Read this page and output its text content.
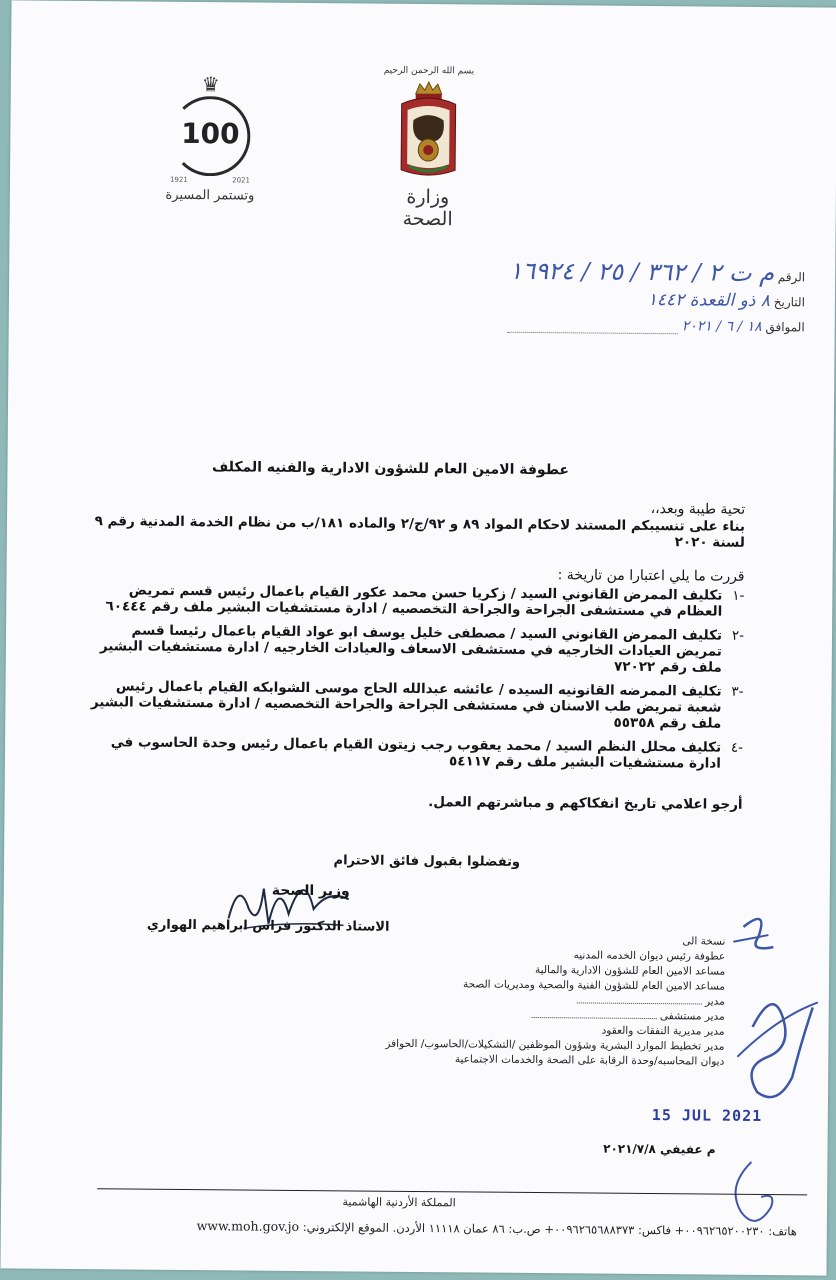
♛
100
1921	2021
وتستمر المسيرة
بسم الله الرحمن الرحيم
وزارة الصحة
الرقم م ت ٢ / ٣٦٢ / ٢٥ / ١٦٩٢٤
التاريخ ٨ ذو القعدة ١٤٤٢
الموافق ١٨ / ٦ / ٢٠٢١
عطوفة الامين العام للشؤون الادارية والفنيه المكلف
تحية طيبة وبعد،،
بناء على تنسيبكم المستند لاحكام المواد ٨٩ و ٩٢/ج/٢ والماده ١٨١/ب من نظام الخدمة المدنية رقم ٩ لسنة ٢٠٢٠
قررت ما يلي اعتبارا من تاريخة :
-١
تكليف الممرض القانوني السيد / زكريا حسن محمد عكور القيام باعمال رئيس قسم تمريض العظام في مستشفى الجراحة والجراحة التخصصيه / ادارة مستشفيات البشير ملف رقم ٦٠٤٤٤
-٢
تكليف الممرض القانوني السيد / مصطفى خليل يوسف ابو عواد القيام باعمال رئيسا قسم تمريض العيادات الخارجيه في مستشفى الاسعاف والعيادات الخارجيه / ادارة مستشفيات البشير ملف رقم ٧٢٠٢٢
-٣
تكليف الممرضه القانونيه السيده / عائشه عبدالله الحاج موسى الشوابكه القيام باعمال رئيس شعبة تمريض طب الاسنان في مستشفى الجراحة والجراحة التخصصيه / ادارة مستشفيات البشير ملف رقم ٥٥٣٥٨
-٤
تكليف محلل النظم السيد / محمد يعقوب رجب زيتون القيام باعمال رئيس وحدة الحاسوب في ادارة مستشفيات البشير ملف رقم ٥٤١١٧
أرجو اعلامي تاريخ انفكاكهم و مباشرتهم العمل.
وتفضلوا بقبول فائق الاحترام
وزير الصحة
الاستاذ الدكتور فراس ابراهيم الهواري
نسخة الى
عطوفة رئيس ديوان الخدمه المدنيه
مساعد الامين العام للشؤون الادارية والمالية
مساعد الامين العام للشؤون الفنية والصحية ومديريات الصحة
مدير
مدير مستشفى
مدير مديرية النفقات والعقود
مدير تخطيط الموارد البشرية وشؤون الموظفين /التشكيلات/الحاسوب/ الحوافز
ديوان المحاسبه/وحدة الرقابة على الصحة والخدمات الاجتماعية
15 JUL 2021
م عفيفي ٢٠٢١/٧/٨
المملكة الأردنية الهاشمية
هاتف: ٠٠٩٦٢٦٥٢٠٠٢٣٠+ فاكس: ٠٠٩٦٢٦٥٦٨٨٣٧٣+ ص.ب: ٨٦ عمان ١١١١٨ الأردن. الموقع الإلكتروني: www.moh.gov.jo
